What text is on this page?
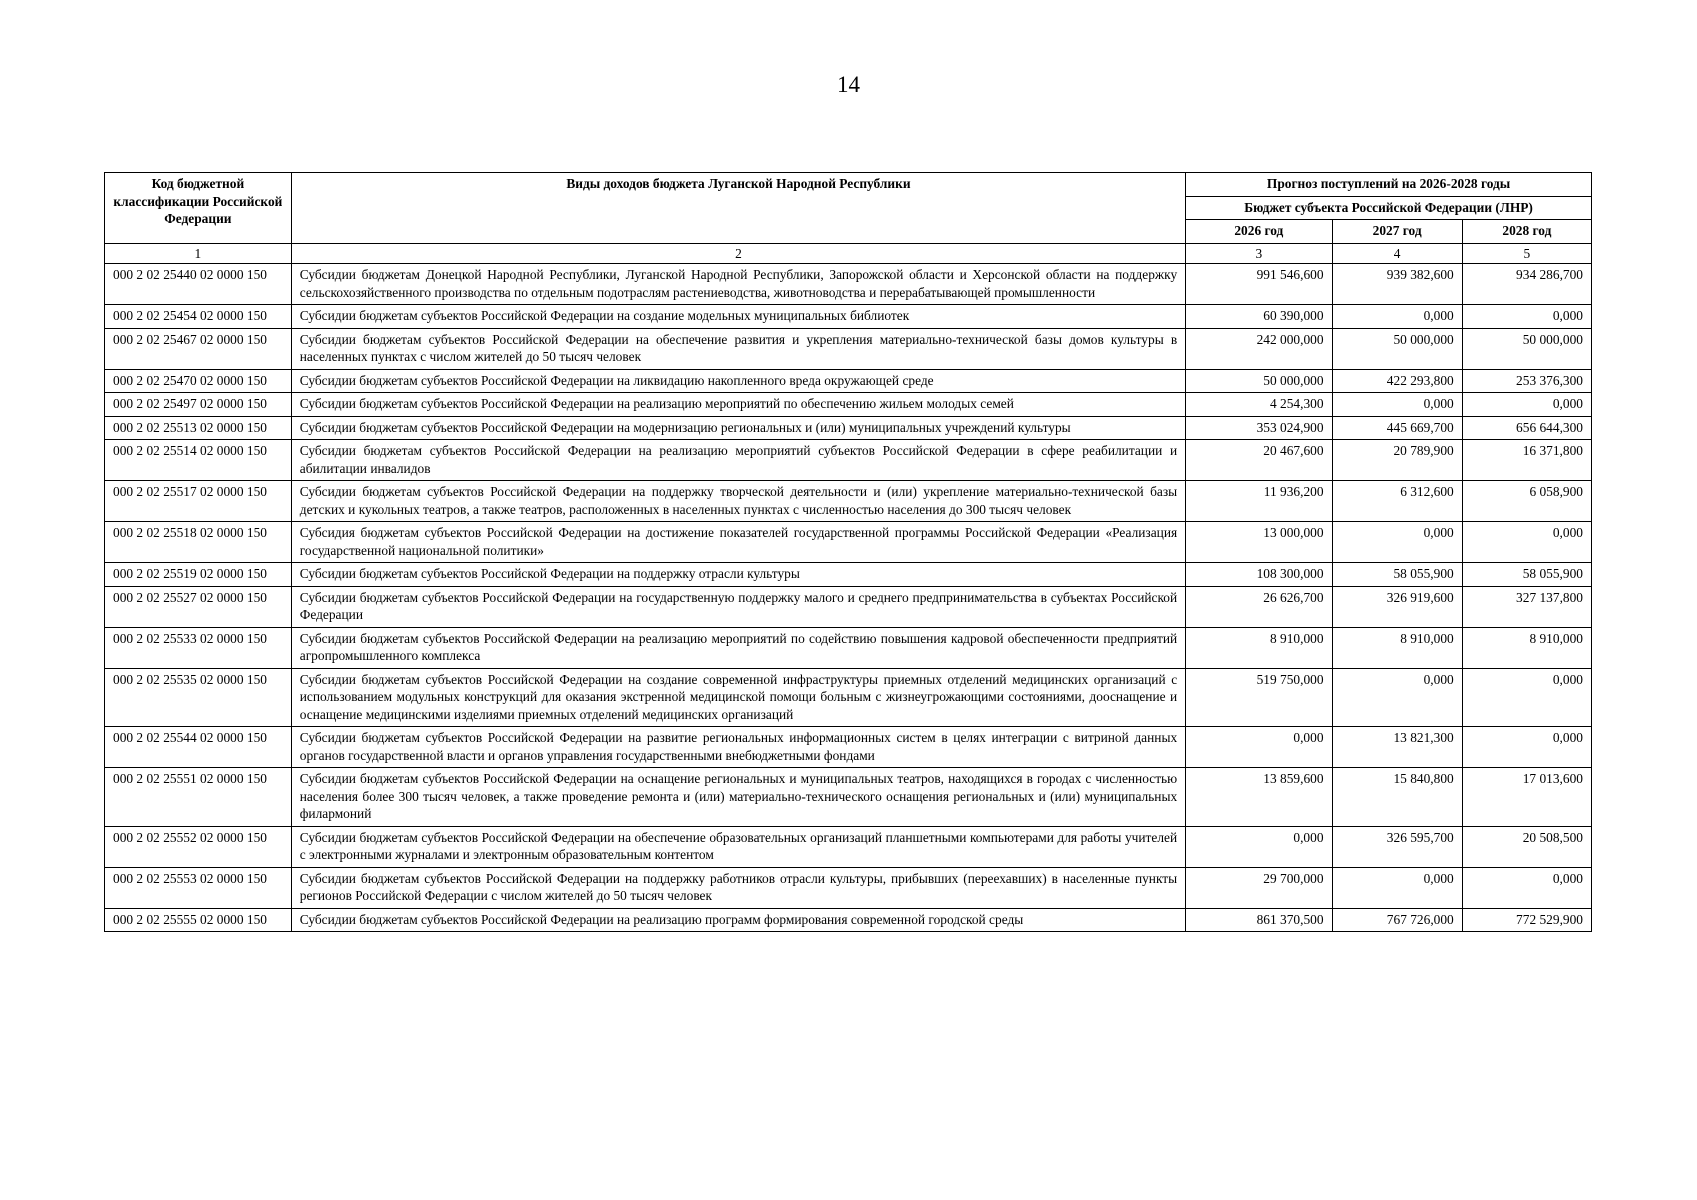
14
Код бюджетной классификации Российской Федерации	Виды доходов бюджета Луганской Народной Республики	Прогноз поступлений на 2026-2028 годы		
		Бюджет субъекта Российской Федерации (ЛНР)		
		2026 год	2027 год	2028 год
1	2	3	4	5
000 2 02 25440 02 0000 150	Субсидии бюджетам Донецкой Народной Республики, Луганской Народной Республики, Запорожской области и Херсонской области на поддержку сельскохозяйственного производства по отдельным подотраслям растениеводства, животноводства и перерабатывающей промышленности	991 546,600	939 382,600	934 286,700
000 2 02 25454 02 0000 150	Субсидии бюджетам субъектов Российской Федерации на создание модельных муниципальных библиотек	60 390,000	0,000	0,000
000 2 02 25467 02 0000 150	Субсидии бюджетам субъектов Российской Федерации на обеспечение развития и укрепления материально-технической базы домов культуры в населенных пунктах с числом жителей до 50 тысяч человек	242 000,000	50 000,000	50 000,000
000 2 02 25470 02 0000 150	Субсидии бюджетам субъектов Российской Федерации на ликвидацию накопленного вреда окружающей среде	50 000,000	422 293,800	253 376,300
000 2 02 25497 02 0000 150	Субсидии бюджетам субъектов Российской Федерации на реализацию мероприятий по обеспечению жильем молодых семей	4 254,300	0,000	0,000
000 2 02 25513 02 0000 150	Субсидии бюджетам субъектов Российской Федерации на модернизацию региональных и (или) муниципальных учреждений культуры	353 024,900	445 669,700	656 644,300
000 2 02 25514 02 0000 150	Субсидии бюджетам субъектов Российской Федерации на реализацию мероприятий субъектов Российской Федерации в сфере реабилитации и абилитации инвалидов	20 467,600	20 789,900	16 371,800
000 2 02 25517 02 0000 150	Субсидии бюджетам субъектов Российской Федерации на поддержку творческой деятельности и (или) укрепление материально-технической базы детских и кукольных театров, а также театров, расположенных в населенных пунктах с численностью населения до 300 тысяч человек	11 936,200	6 312,600	6 058,900
000 2 02 25518 02 0000 150	Субсидия бюджетам субъектов Российской Федерации на достижение показателей государственной программы Российской Федерации «Реализация государственной национальной политики»	13 000,000	0,000	0,000
000 2 02 25519 02 0000 150	Субсидии бюджетам субъектов Российской Федерации на поддержку отрасли культуры	108 300,000	58 055,900	58 055,900
000 2 02 25527 02 0000 150	Субсидии бюджетам субъектов Российской Федерации на государственную поддержку малого и среднего предпринимательства в субъектах Российской Федерации	26 626,700	326 919,600	327 137,800
000 2 02 25533 02 0000 150	Субсидии бюджетам субъектов Российской Федерации на реализацию мероприятий по содействию повышения кадровой обеспеченности предприятий агропромышленного комплекса	8 910,000	8 910,000	8 910,000
000 2 02 25535 02 0000 150	Субсидии бюджетам субъектов Российской Федерации на создание современной инфраструктуры приемных отделений медицинских организаций с использованием модульных конструкций для оказания экстренной медицинской помощи больным с жизнеугрожающими состояниями, дооснащение и оснащение медицинскими изделиями приемных отделений медицинских организаций	519 750,000	0,000	0,000
000 2 02 25544 02 0000 150	Субсидии бюджетам субъектов Российской Федерации на развитие региональных информационных систем в целях интеграции с витриной данных органов государственной власти и органов управления государственными внебюджетными фондами	0,000	13 821,300	0,000
000 2 02 25551 02 0000 150	Субсидии бюджетам субъектов Российской Федерации на оснащение региональных и муниципальных театров, находящихся в городах с численностью населения более 300 тысяч человек, а также проведение ремонта и (или) материально-технического оснащения региональных и (или) муниципальных филармоний	13 859,600	15 840,800	17 013,600
000 2 02 25552 02 0000 150	Субсидии бюджетам субъектов Российской Федерации на обеспечение образовательных организаций планшетными компьютерами для работы учителей с электронными журналами и электронным образовательным контентом	0,000	326 595,700	20 508,500
000 2 02 25553 02 0000 150	Субсидии бюджетам субъектов Российской Федерации на поддержку работников отрасли культуры, прибывших (переехавших) в населенные пункты регионов Российской Федерации с числом жителей до 50 тысяч человек	29 700,000	0,000	0,000
000 2 02 25555 02 0000 150	Субсидии бюджетам субъектов Российской Федерации на реализацию программ формирования современной городской среды	861 370,500	767 726,000	772 529,900
